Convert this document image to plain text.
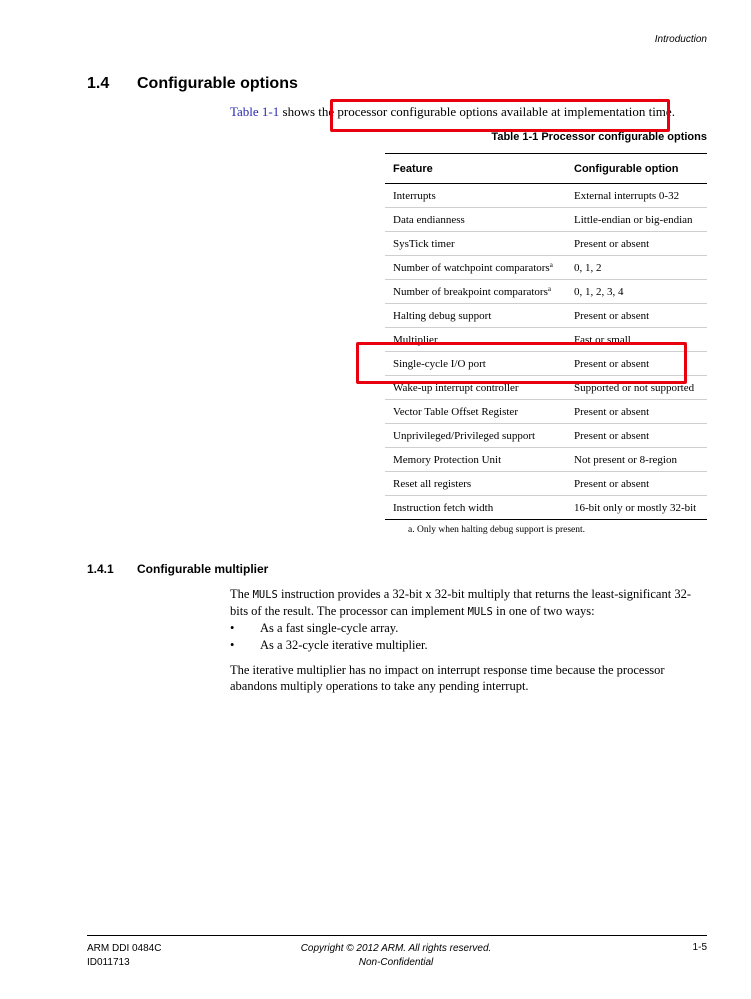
Introduction
1.4 Configurable options
Table 1-1 shows the processor configurable options available at implementation time.
Table 1-1 Processor configurable options
Feature	Configurable option
Interrupts	External interrupts 0-32
Data endianness	Little-endian or big-endian
SysTick timer	Present or absent
Number of watchpoint comparators$^a$	0, 1, 2
Number of breakpoint comparators$^a$	0, 1, 2, 3, 4
Halting debug support	Present or absent
Multiplier	Fast or small
Single-cycle I/O port	Present or absent
Wake-up interrupt controller	Supported or not supported
Vector Table Offset Register	Present or absent
Unprivileged/Privileged support	Present or absent
Memory Protection Unit	Not present or 8-region
Reset all registers	Present or absent
Instruction fetch width	16-bit only or mostly 32-bit
a. Only when halting debug support is present.
1.4.1 Configurable multiplier
The MULS instruction provides a 32-bit x 32-bit multiply that returns the least-significant 32-bits of the result. The processor can implement MULS in one of two ways:
• As a fast single-cycle array.
• As a 32-cycle iterative multiplier.
The iterative multiplier has no impact on interrupt response time because the processor abandons multiply operations to take any pending interrupt.
ARM DDI 0484C
ID011713
Copyright © 2012 ARM. All rights reserved.
Non-Confidential
1-5
